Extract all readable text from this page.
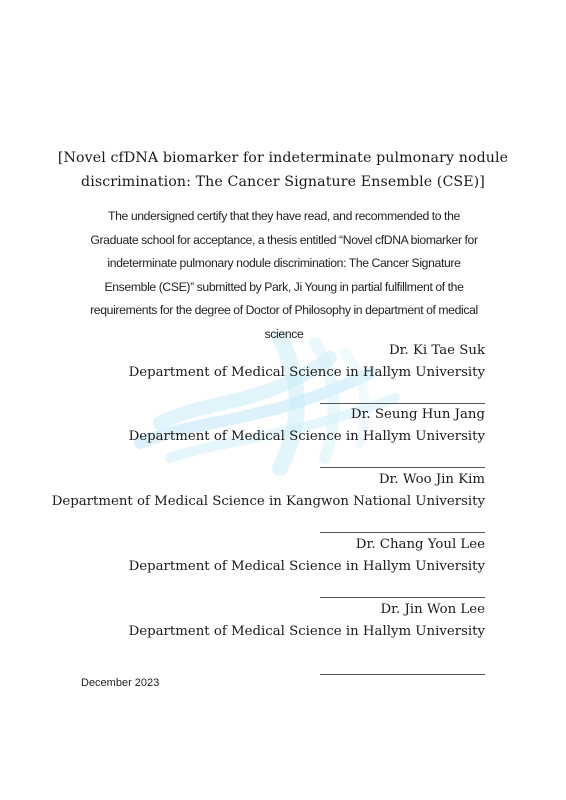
[Novel cfDNA biomarker for indeterminate pulmonary nodule
discrimination: The Cancer Signature Ensemble (CSE)]
The undersigned certify that they have read, and recommended to the
Graduate school for acceptance, a thesis entitled “Novel cfDNA biomarker for
indeterminate pulmonary nodule discrimination: The Cancer Signature
Ensemble (CSE)” submitted by Park, Ji Young in partial fulfillment of the
requirements for the degree of Doctor of Philosophy in department of medical
science
Dr. Ki Tae Suk
Department of Medical Science in Hallym University
Dr. Seung Hun Jang
Department of Medical Science in Hallym University
Dr. Woo Jin Kim
Department of Medical Science in Kangwon National University
Dr. Chang Youl Lee
Department of Medical Science in Hallym University
Dr. Jin Won Lee
Department of Medical Science in Hallym University
December 2023
